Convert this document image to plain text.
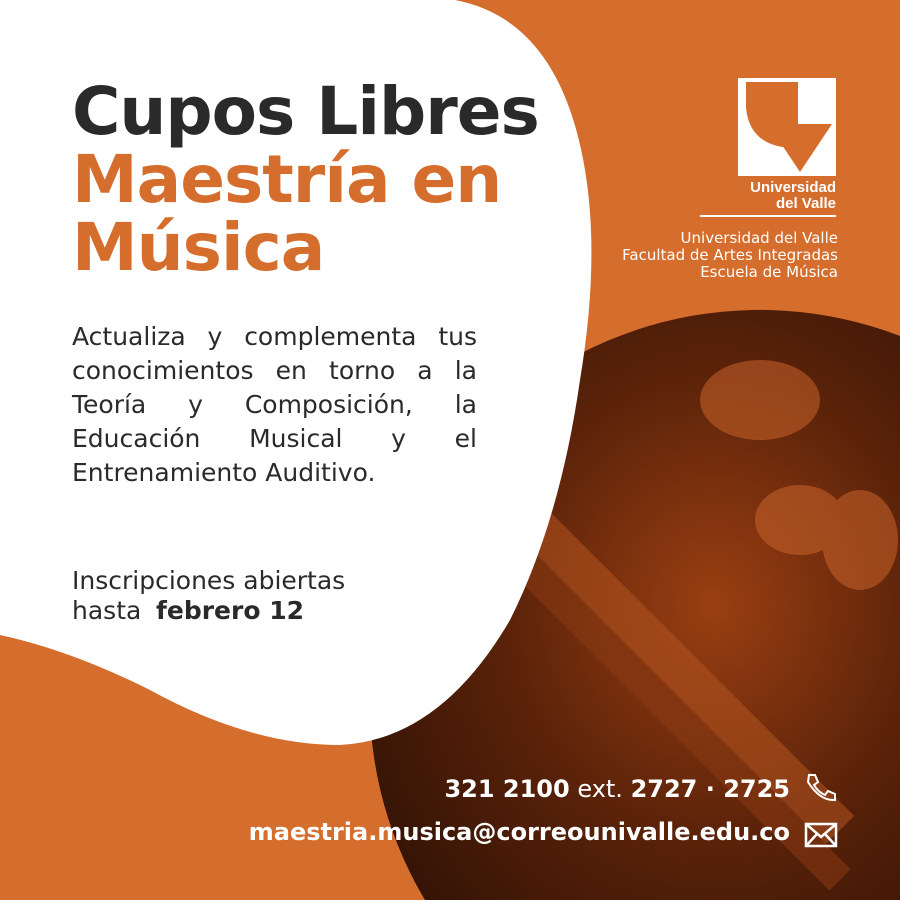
Cupos Libres
Maestría en Música
Actualiza y complementa tus conocimientos en torno a la Teoría y Composición, la Educación Musical y el Entrenamiento Auditivo.
Inscripciones abiertas hasta febrero 12
Universidad
del Valle
Universidad del Valle
Facultad de Artes Integradas
Escuela de Música
321 2100 ext. 2727 · 2725
maestria.musica@correounivalle.edu.co
